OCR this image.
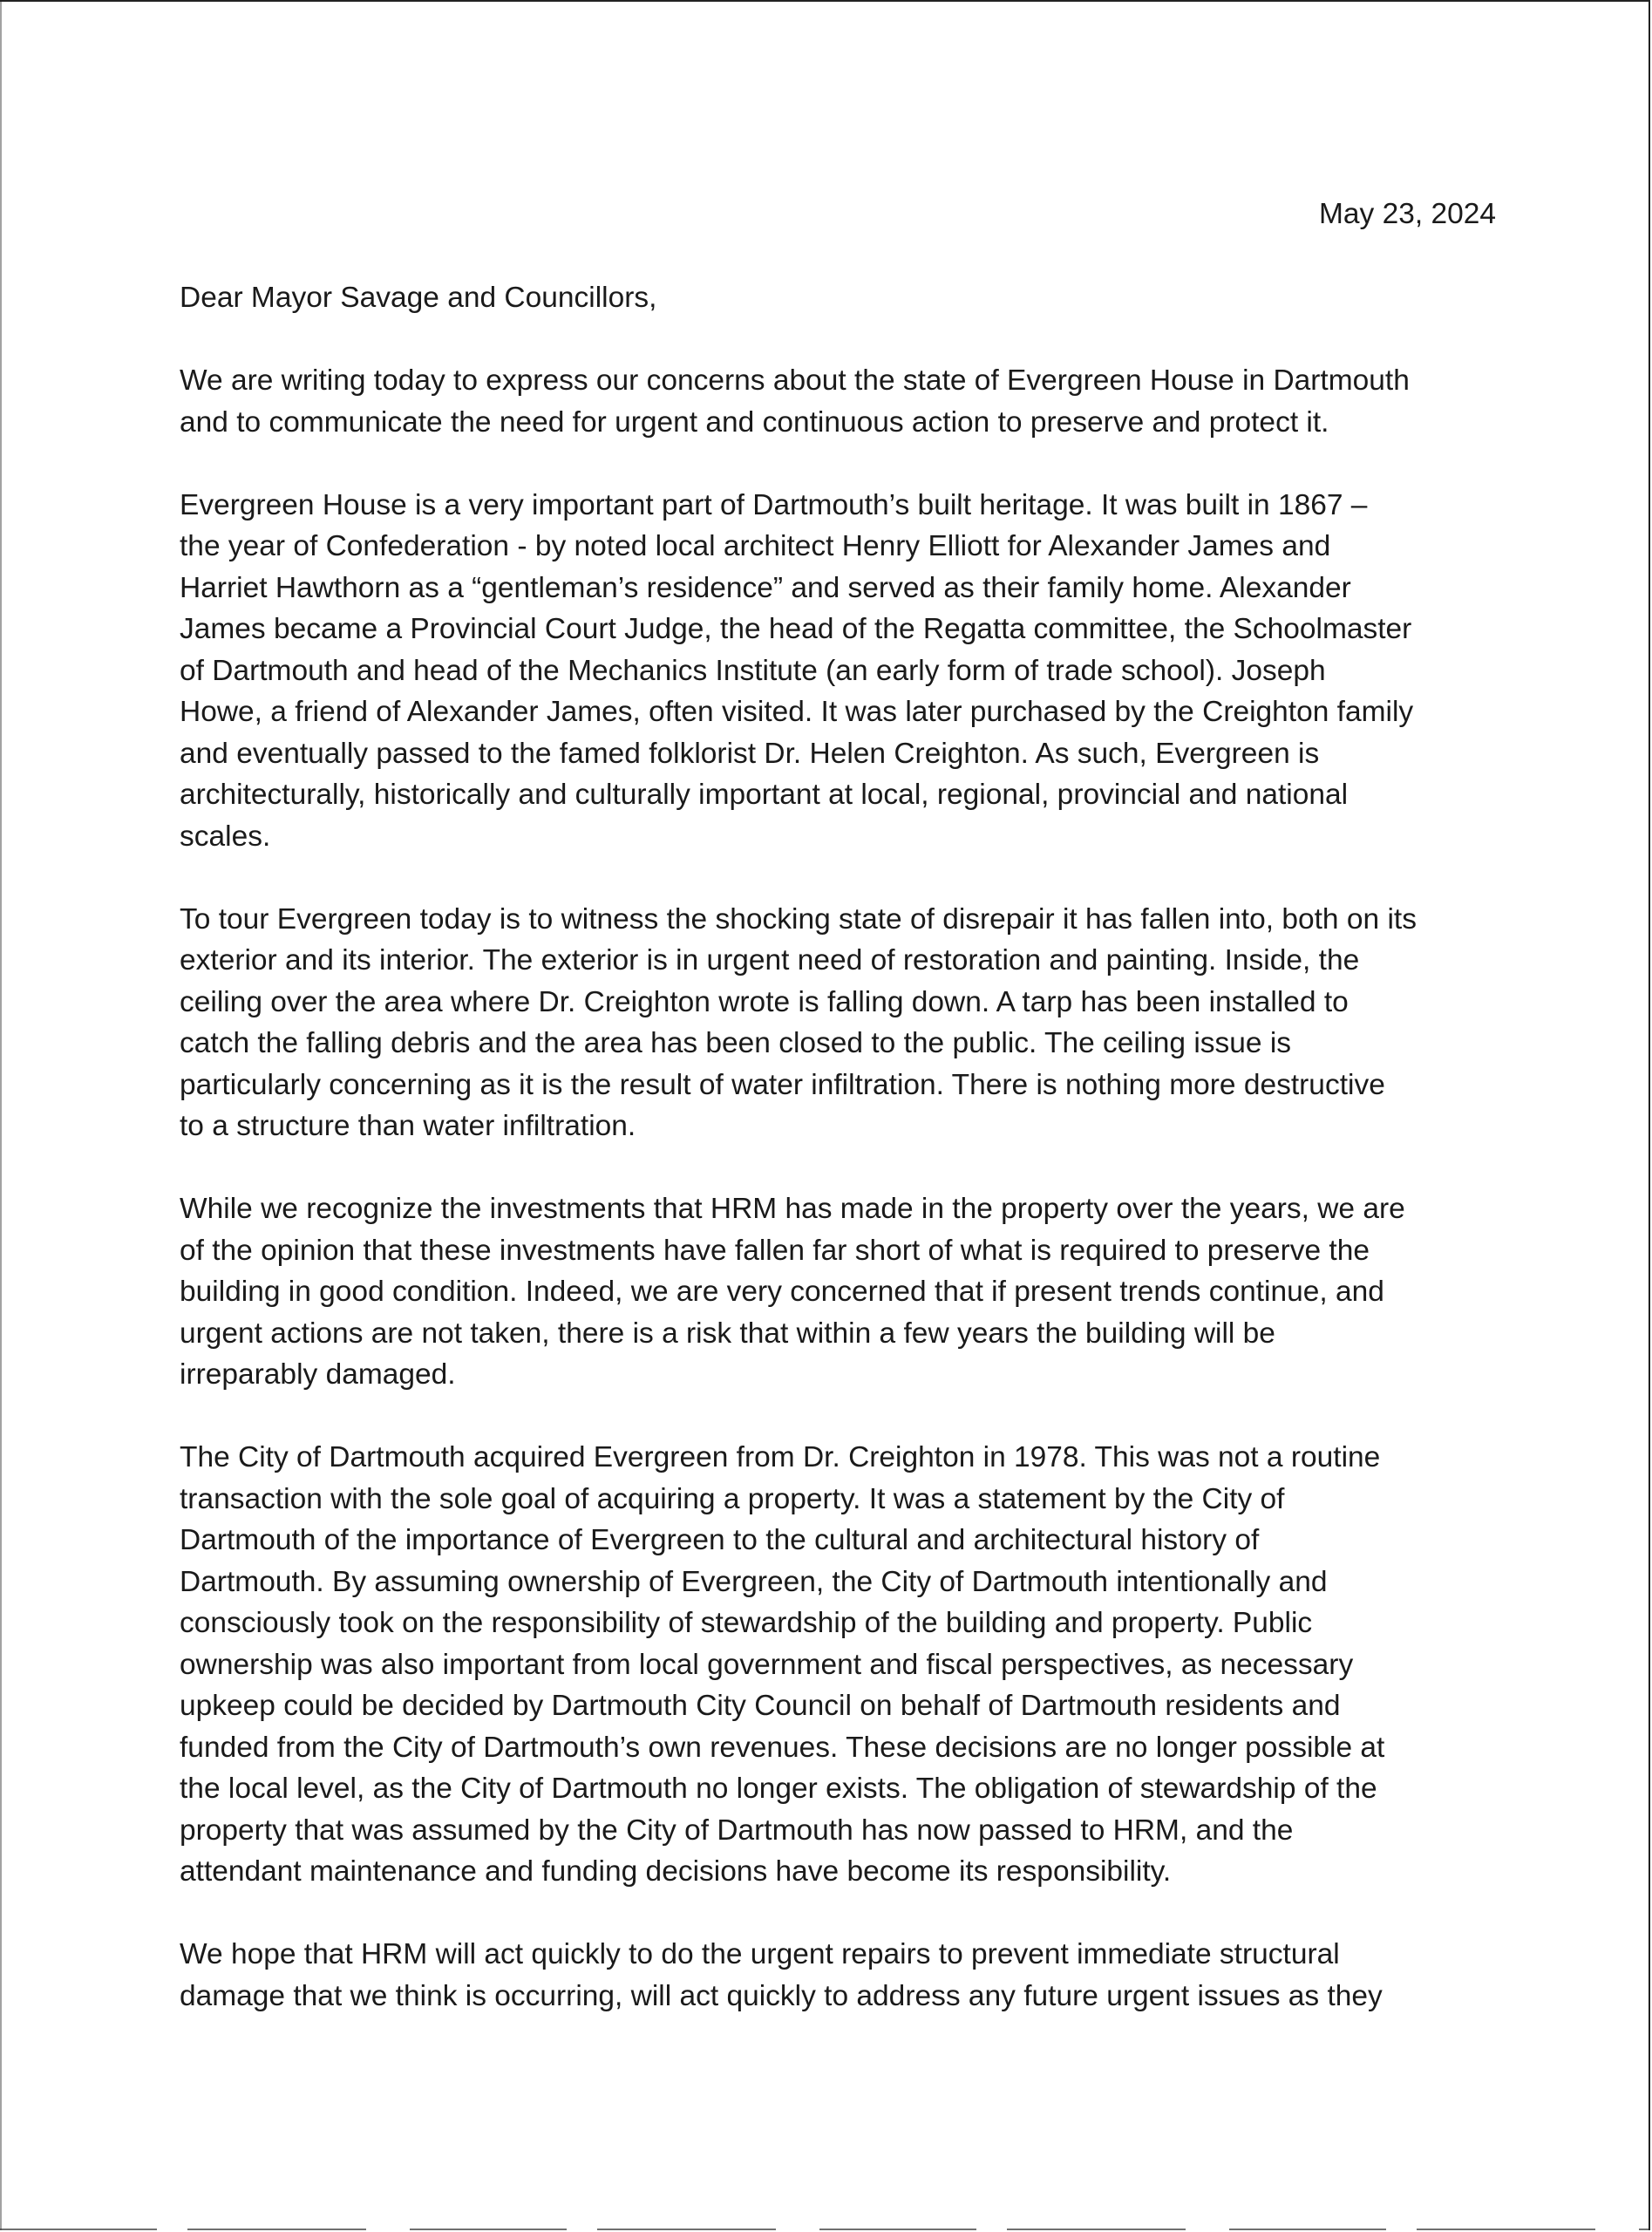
May 23, 2024
Dear Mayor Savage and Councillors,

We are writing today to express our concerns about the state of Evergreen House in Dartmouth
and to communicate the need for urgent and continuous action to preserve and protect it.

Evergreen House is a very important part of Dartmouth’s built heritage. It was built in 1867 –
the year of Confederation - by noted local architect Henry Elliott for Alexander James and
Harriet Hawthorn as a “gentleman’s residence” and served as their family home. Alexander
James became a Provincial Court Judge, the head of the Regatta committee, the Schoolmaster
of Dartmouth and head of the Mechanics Institute (an early form of trade school). Joseph
Howe, a friend of Alexander James, often visited. It was later purchased by the Creighton family
and eventually passed to the famed folklorist Dr. Helen Creighton. As such, Evergreen is
architecturally, historically and culturally important at local, regional, provincial and national
scales.

To tour Evergreen today is to witness the shocking state of disrepair it has fallen into, both on its
exterior and its interior. The exterior is in urgent need of restoration and painting. Inside, the
ceiling over the area where Dr. Creighton wrote is falling down. A tarp has been installed to
catch the falling debris and the area has been closed to the public. The ceiling issue is
particularly concerning as it is the result of water infiltration. There is nothing more destructive
to a structure than water infiltration.

While we recognize the investments that HRM has made in the property over the years, we are
of the opinion that these investments have fallen far short of what is required to preserve the
building in good condition. Indeed, we are very concerned that if present trends continue, and
urgent actions are not taken, there is a risk that within a few years the building will be
irreparably damaged.

The City of Dartmouth acquired Evergreen from Dr. Creighton in 1978. This was not a routine
transaction with the sole goal of acquiring a property. It was a statement by the City of
Dartmouth of the importance of Evergreen to the cultural and architectural history of
Dartmouth. By assuming ownership of Evergreen, the City of Dartmouth intentionally and
consciously took on the responsibility of stewardship of the building and property. Public
ownership was also important from local government and fiscal perspectives, as necessary
upkeep could be decided by Dartmouth City Council on behalf of Dartmouth residents and
funded from the City of Dartmouth’s own revenues. These decisions are no longer possible at
the local level, as the City of Dartmouth no longer exists. The obligation of stewardship of the
property that was assumed by the City of Dartmouth has now passed to HRM, and the
attendant maintenance and funding decisions have become its responsibility.

We hope that HRM will act quickly to do the urgent repairs to prevent immediate structural
damage that we think is occurring, will act quickly to address any future urgent issues as they
